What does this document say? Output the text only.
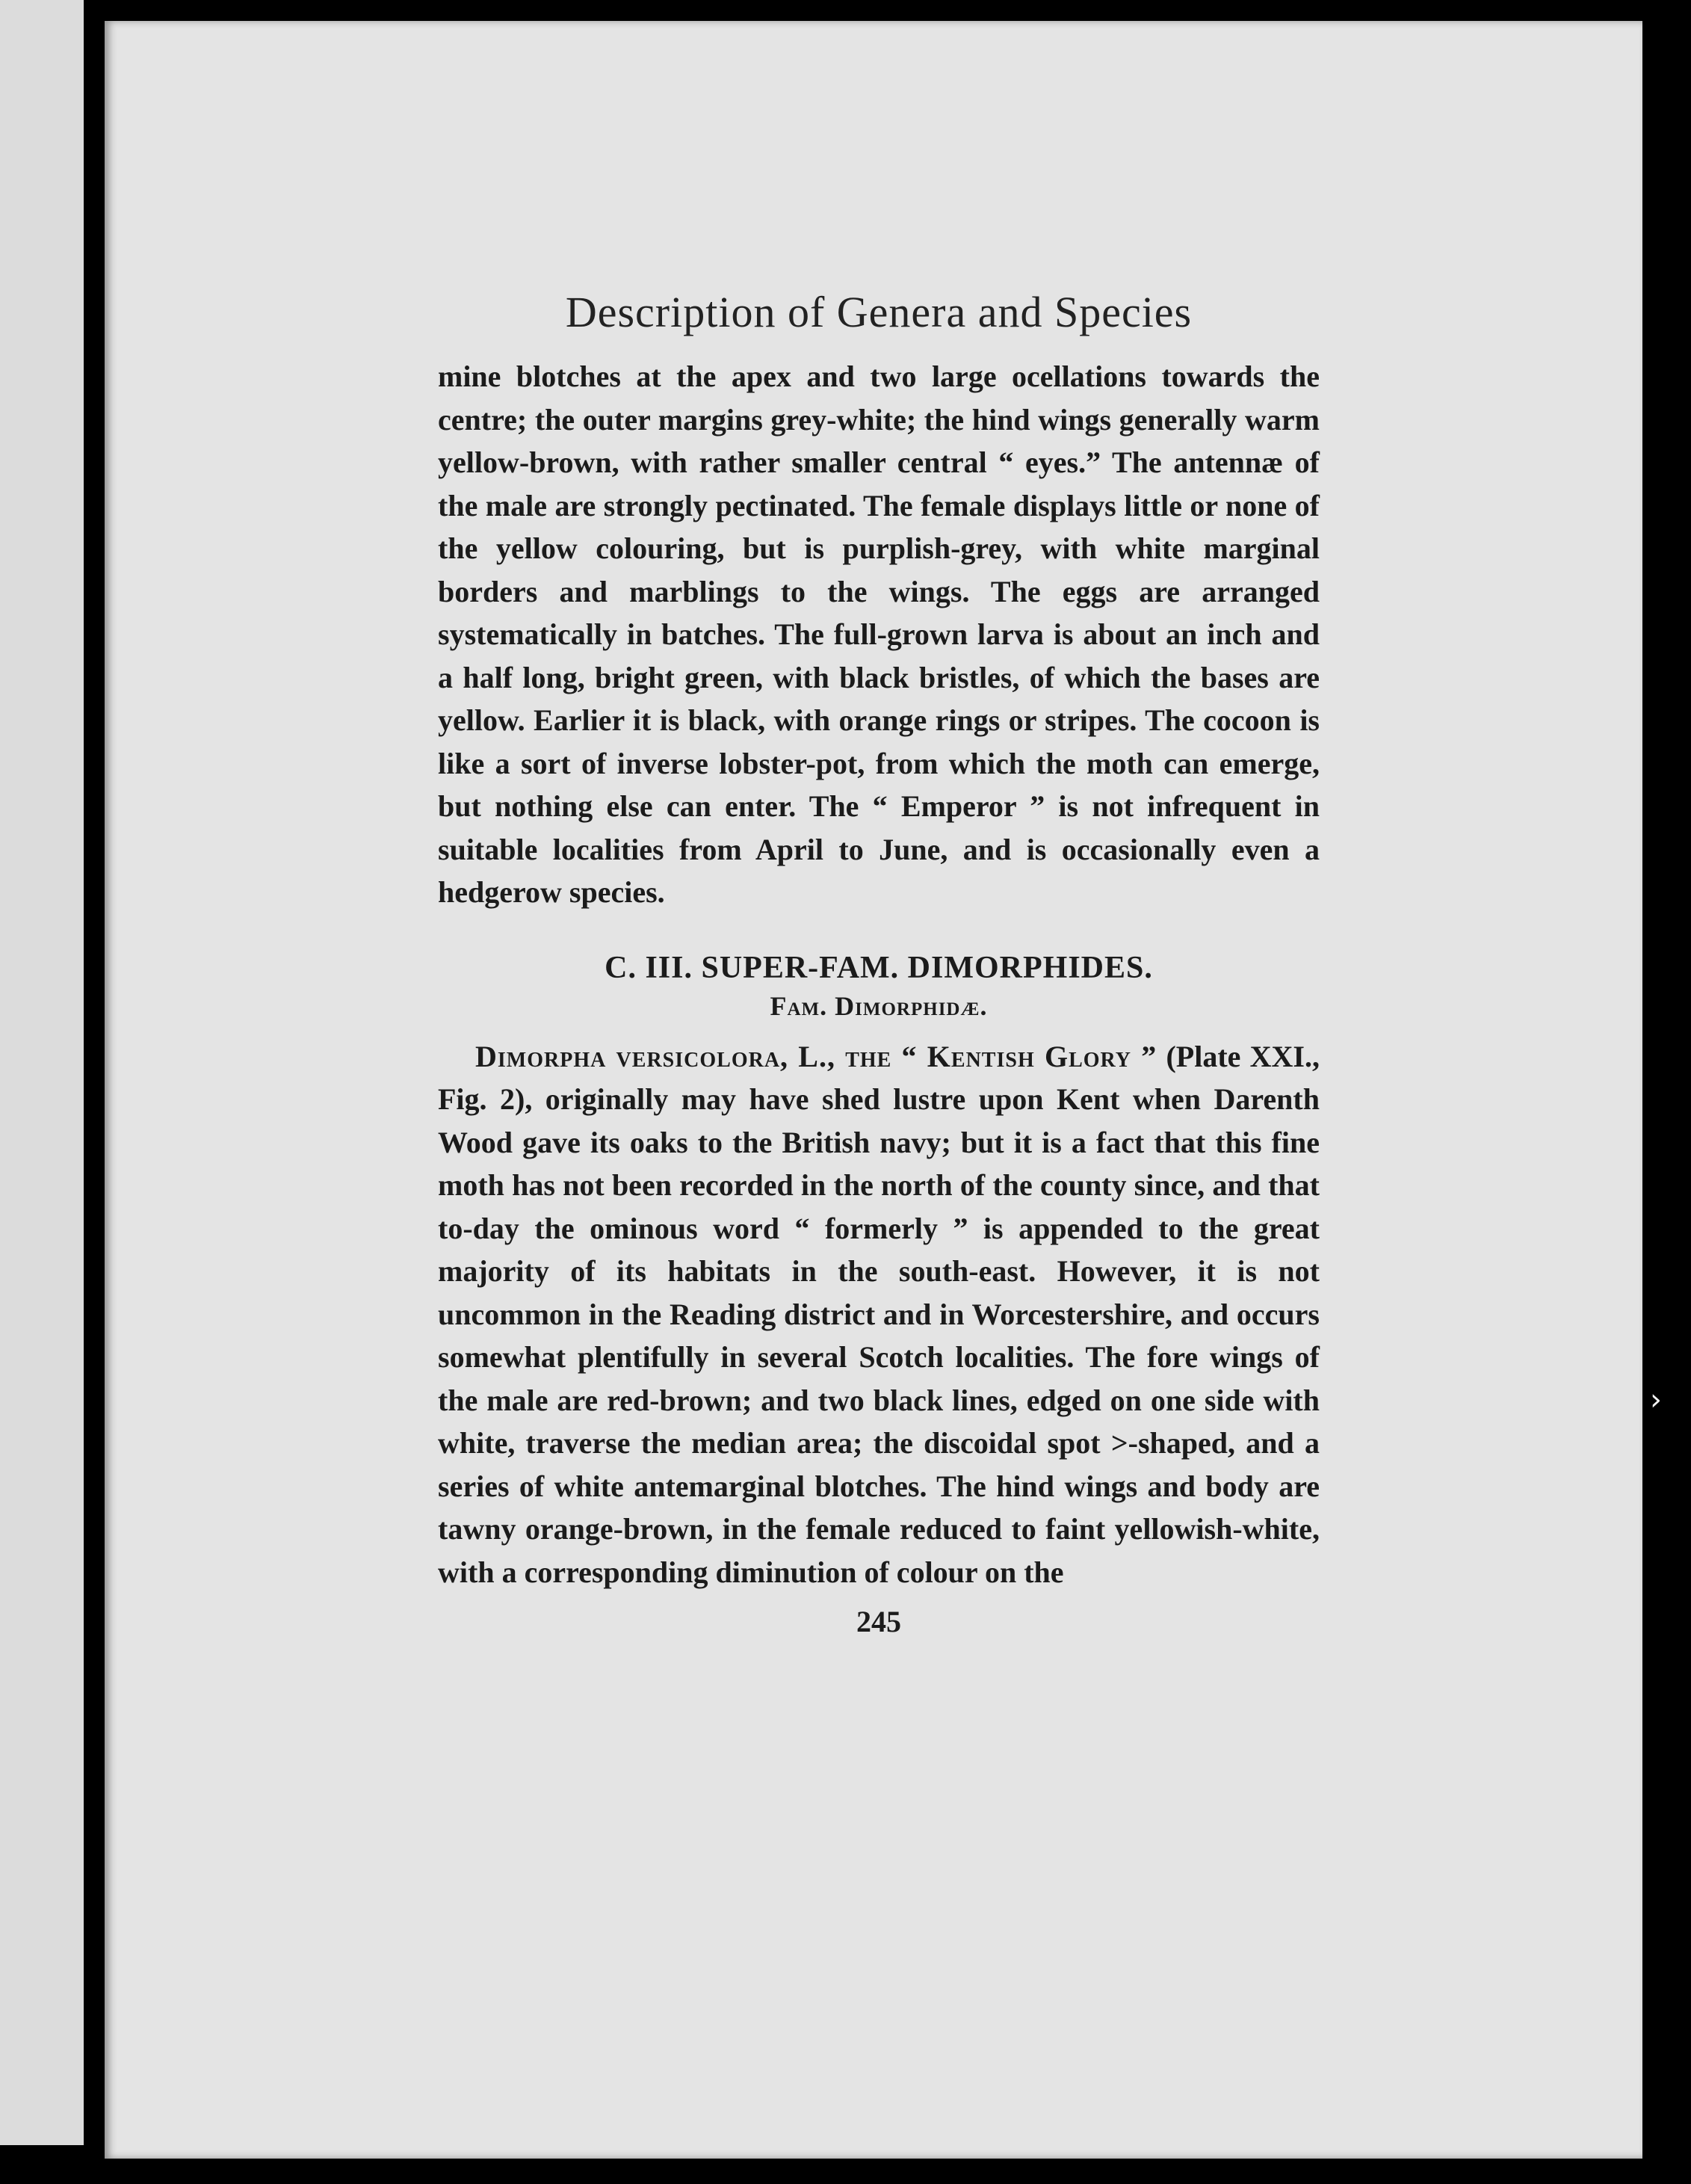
Description of Genera and Species

mine blotches at the apex and two large ocellations towards the centre; the outer margins grey-white; the hind wings generally warm yellow-brown, with rather smaller central “ eyes.” The antennæ of the male are strongly pectinated. The female displays little or none of the yellow colouring, but is purplish-grey, with white marginal borders and marblings to the wings. The eggs are arranged systematically in batches. The full-grown larva is about an inch and a half long, bright green, with black bristles, of which the bases are yellow. Earlier it is black, with orange rings or stripes. The cocoon is like a sort of inverse lobster-pot, from which the moth can emerge, but nothing else can enter. The “ Emperor ” is not infrequent in suitable localities from April to June, and is occasionally even a hedgerow species.

C. III. SUPER-FAM. DIMORPHIDES.
Fam. Dimorphidæ.

Dimorpha versicolora, L., the “ Kentish Glory ” (Plate XXI., Fig. 2), originally may have shed lustre upon Kent when Darenth Wood gave its oaks to the British navy; but it is a fact that this fine moth has not been recorded in the north of the county since, and that to-day the ominous word “ formerly ” is appended to the great majority of its habitats in the south-east. However, it is not uncommon in the Reading district and in Worcestershire, and occurs somewhat plentifully in several Scotch localities. The fore wings of the male are red-brown; and two black lines, edged on one side with white, traverse the median area; the discoidal spot >-shaped, and a series of white antemarginal blotches. The hind wings and body are tawny orange-brown, in the female reduced to faint yellowish-white, with a corresponding diminution of colour on the

245
›
